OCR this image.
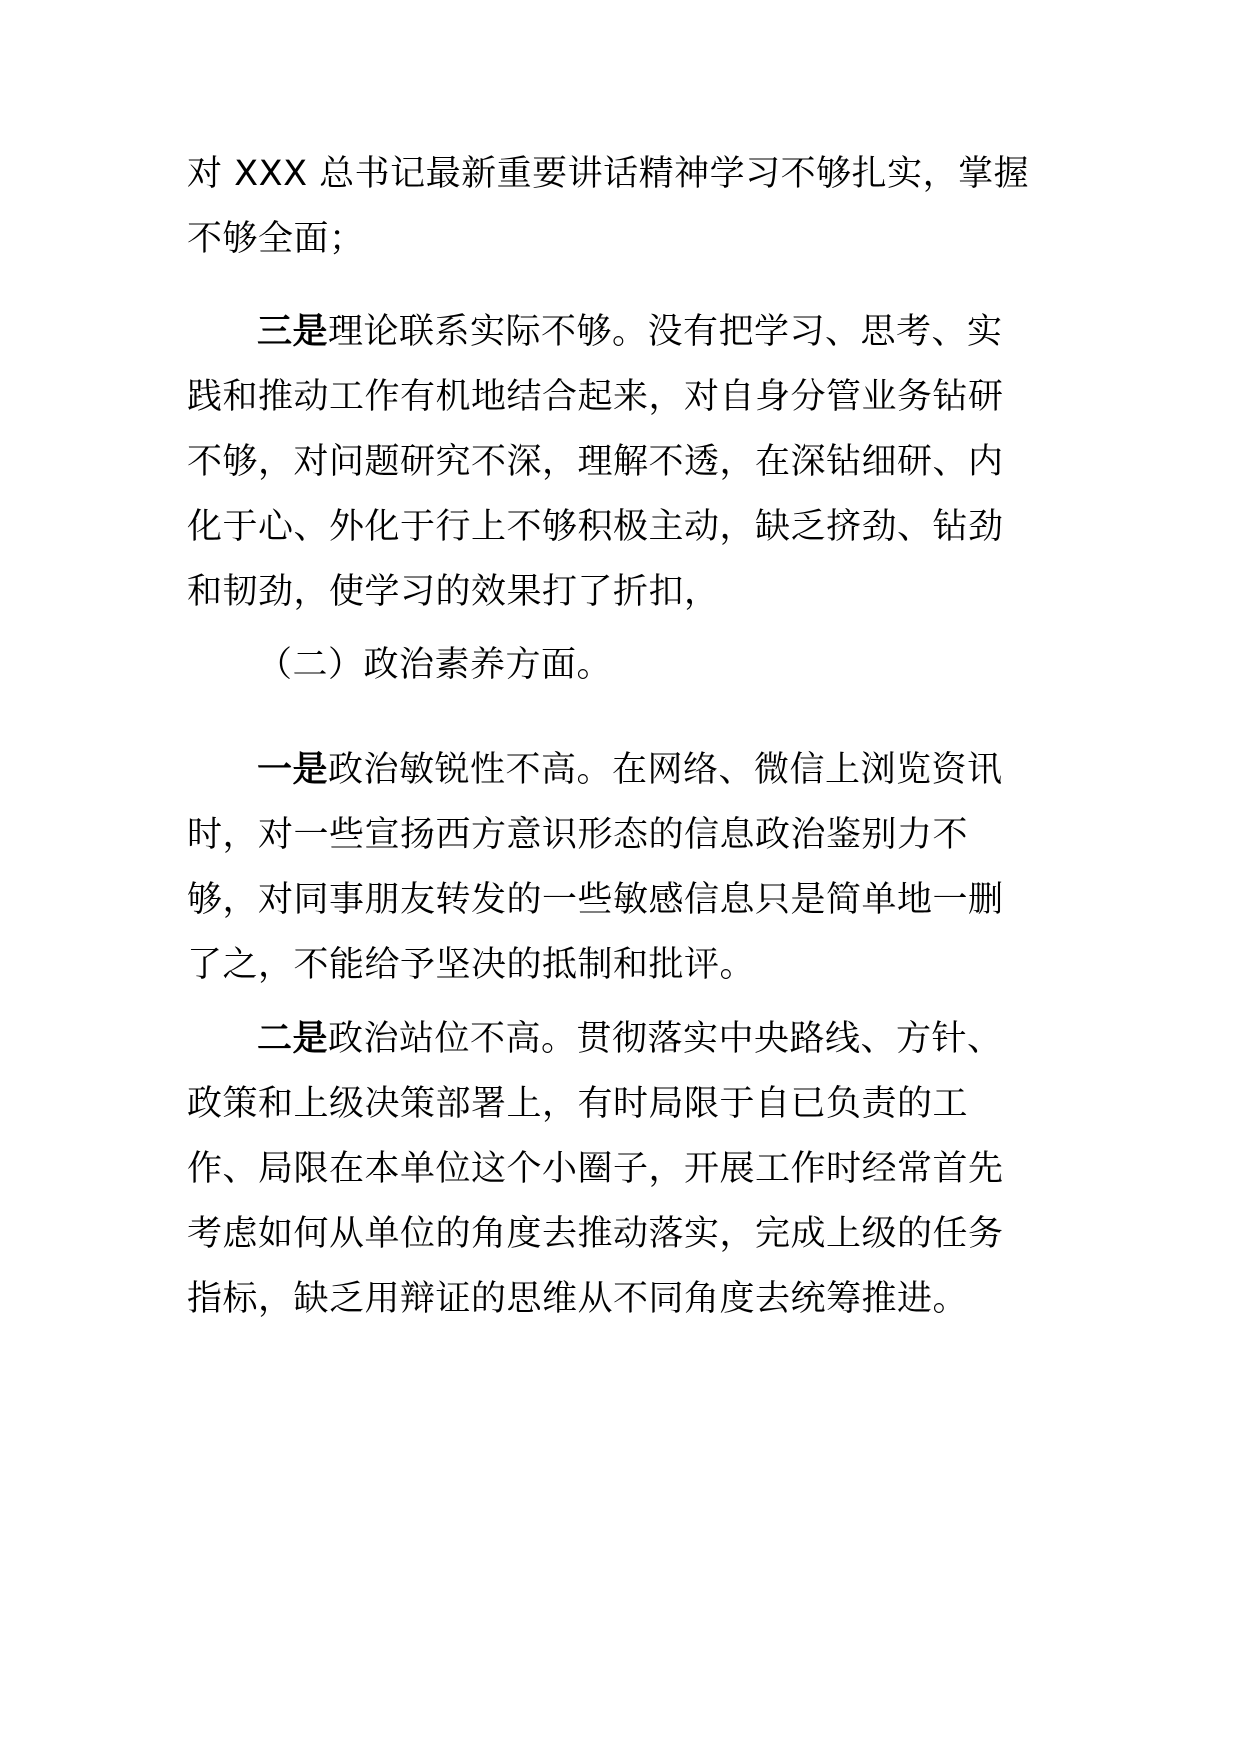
对 XXX 总书记最新重要讲话精神学习不够扎实，掌握不够全面；

三是理论联系实际不够。没有把学习、思考、实践和推动工作有机地结合起来，对自身分管业务钻研不够，对问题研究不深，理解不透，在深钻细研、内化于心、外化于行上不够积极主动，缺乏挤劲、钻劲和韧劲，使学习的效果打了折扣，

（二）政治素养方面。

一是政治敏锐性不高。在网络、微信上浏览资讯时，对一些宣扬西方意识形态的信息政治鉴别力不够，对同事朋友转发的一些敏感信息只是简单地一删了之，不能给予坚决的抵制和批评。

二是政治站位不高。贯彻落实中央路线、方针、政策和上级决策部署上，有时局限于自已负责的工作、局限在本单位这个小圈子，开展工作时经常首先考虑如何从单位的角度去推动落实，完成上级的任务指标，缺乏用辩证的思维从不同角度去统筹推进。
